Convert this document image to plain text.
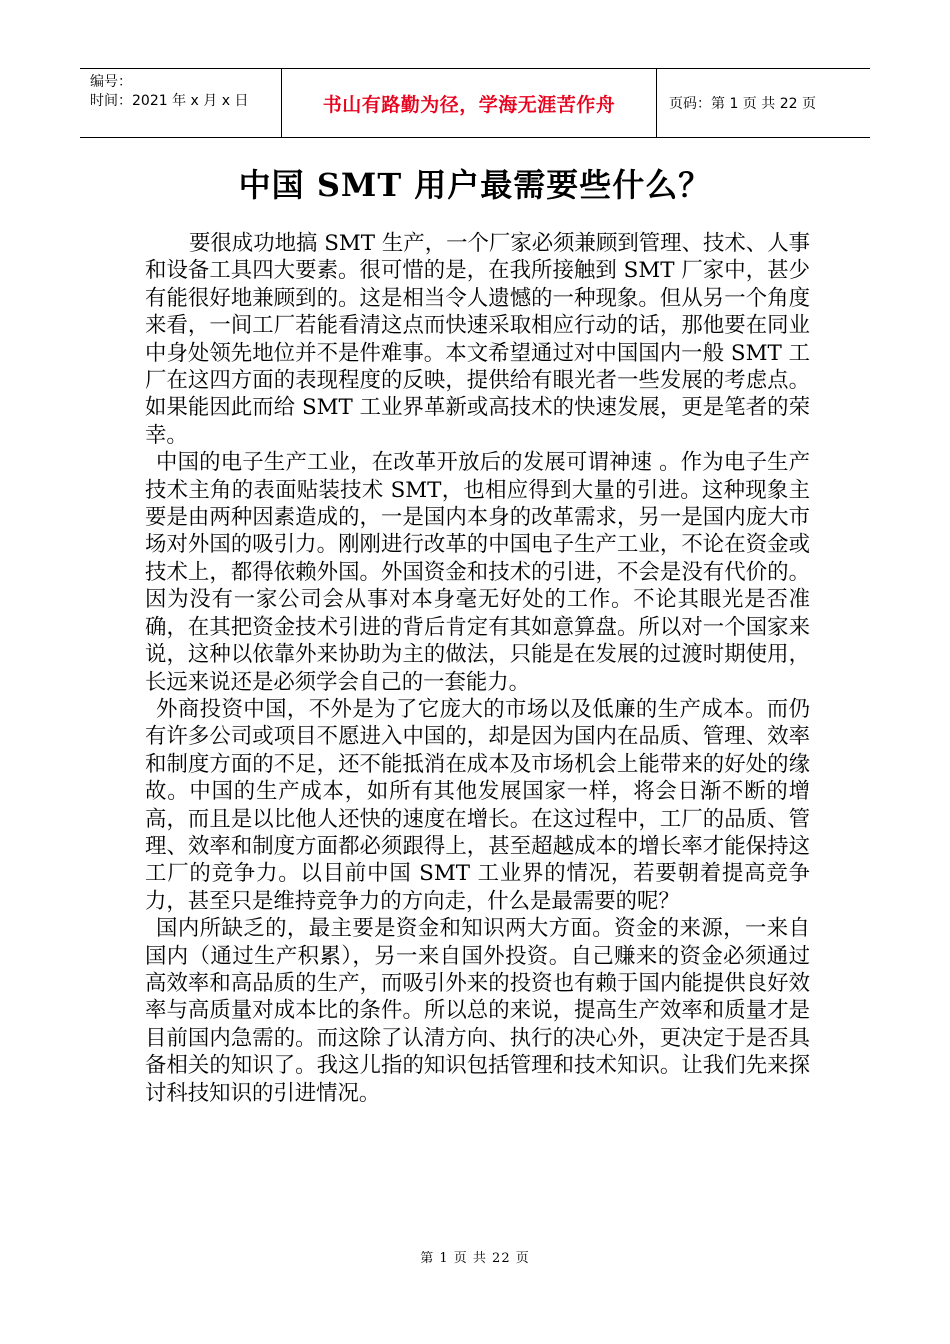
编号：
时间：2021 年 x 月 x 日	书山有路勤为径，学海无涯苦作舟	页码：第 1 页 共 22 页
中国 SMT 用户最需要些什么？

要很成功地搞 SMT 生产，一个厂家必须兼顾到管理、技术、人事和设备工具四大要素。很可惜的是，在我所接触到 SMT 厂家中，甚少有能很好地兼顾到的。这是相当令人遗憾的一种现象。但从另一个角度来看，一间工厂若能看清这点而快速采取相应行动的话，那他要在同业中身处领先地位并不是件难事。本文希望通过对中国国内一般 SMT 工厂在这四方面的表现程度的反映，提供给有眼光者一些发展的考虑点。如果能因此而给 SMT 工业界革新或高技术的快速发展，更是笔者的荣幸。

中国的电子生产工业，在改革开放后的发展可谓神速 。作为电子生产技术主角的表面贴装技术 SMT，也相应得到大量的引进。这种现象主要是由两种因素造成的，一是国内本身的改革需求，另一是国内庞大市场对外国的吸引力。刚刚进行改革的中国电子生产工业，不论在资金或技术上，都得依赖外国。外国资金和技术的引进，不会是没有代价的。因为没有一家公司会从事对本身毫无好处的工作。不论其眼光是否准确，在其把资金技术引进的背后肯定有其如意算盘。所以对一个国家来说，这种以依靠外来协助为主的做法，只能是在发展的过渡时期使用，长远来说还是必须学会自己的一套能力。

外商投资中国，不外是为了它庞大的市场以及低廉的生产成本。而仍有许多公司或项目不愿进入中国的，却是因为国内在品质、管理、效率和制度方面的不足，还不能抵消在成本及市场机会上能带来的好处的缘故。中国的生产成本，如所有其他发展国家一样，将会日渐不断的增高，而且是以比他人还快的速度在增长。在这过程中，工厂的品质、管理、效率和制度方面都必须跟得上，甚至超越成本的增长率才能保持这工厂的竞争力。以目前中国 SMT 工业界的情况，若要朝着提高竞争力，甚至只是维持竞争力的方向走，什么是最需要的呢？

国内所缺乏的，最主要是资金和知识两大方面。资金的来源，一来自国内（通过生产积累），另一来自国外投资。自己赚来的资金必须通过高效率和高品质的生产，而吸引外来的投资也有赖于国内能提供良好效率与高质量对成本比的条件。所以总的来说，提高生产效率和质量才是目前国内急需的。而这除了认清方向、执行的决心外，更决定于是否具备相关的知识了。我这儿指的知识包括管理和技术知识。让我们先来探讨科技知识的引进情况。

第 1 页 共 22 页
